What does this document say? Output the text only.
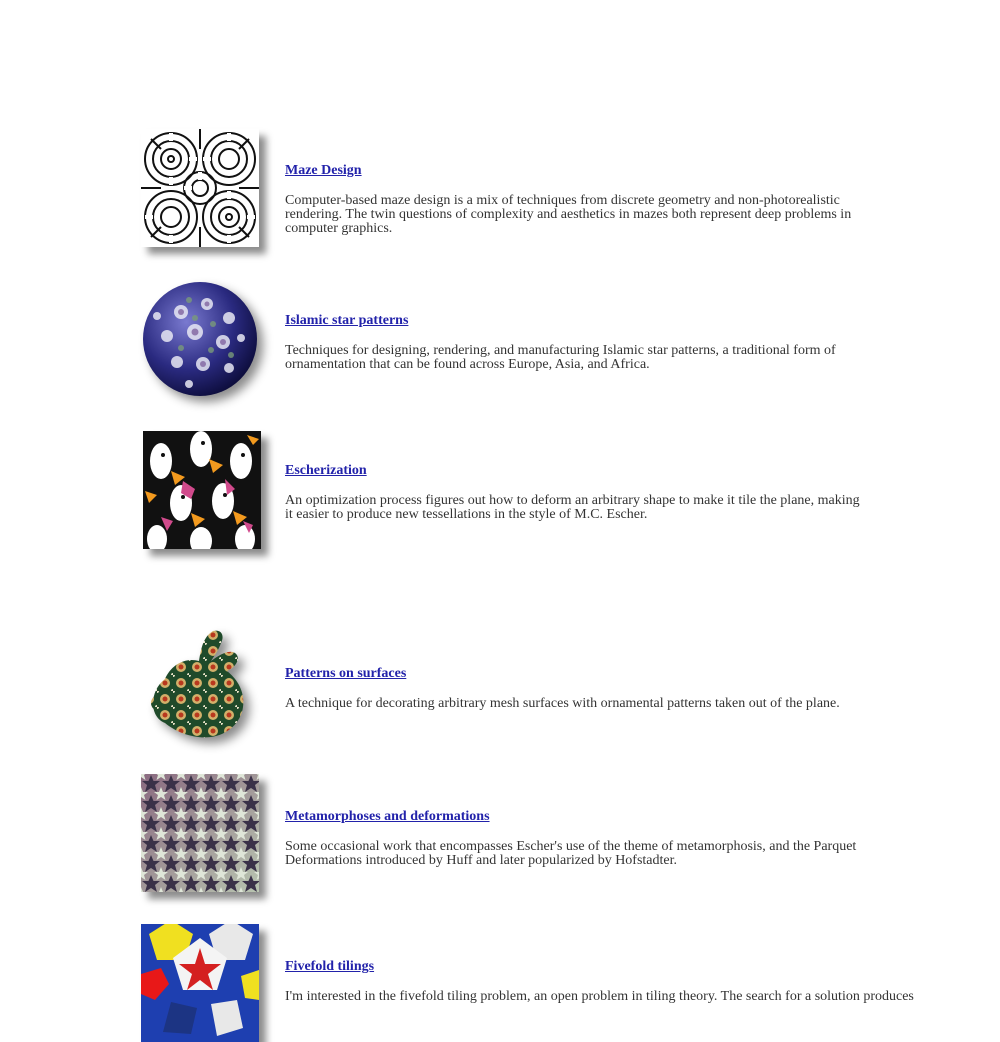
Maze Design
Computer-based maze design is a mix of techniques from discrete geometry and non-photorealistic rendering. The twin questions of complexity and aesthetics in mazes both represent deep problems in computer graphics.
Islamic star patterns
Techniques for designing, rendering, and manufacturing Islamic star patterns, a traditional form of ornamentation that can be found across Europe, Asia, and Africa.
Escherization
An optimization process figures out how to deform an arbitrary shape to make it tile the plane, making it easier to produce new tessellations in the style of M.C. Escher.
Patterns on surfaces
A technique for decorating arbitrary mesh surfaces with ornamental patterns taken out of the plane.
Metamorphoses and deformations
Some occasional work that encompasses Escher's use of the theme of metamorphosis, and the Parquet Deformations introduced by Huff and later popularized by Hofstadter.
Fivefold tilings
I'm interested in the fivefold tiling problem, an open problem in tiling theory. The search for a solution produces
